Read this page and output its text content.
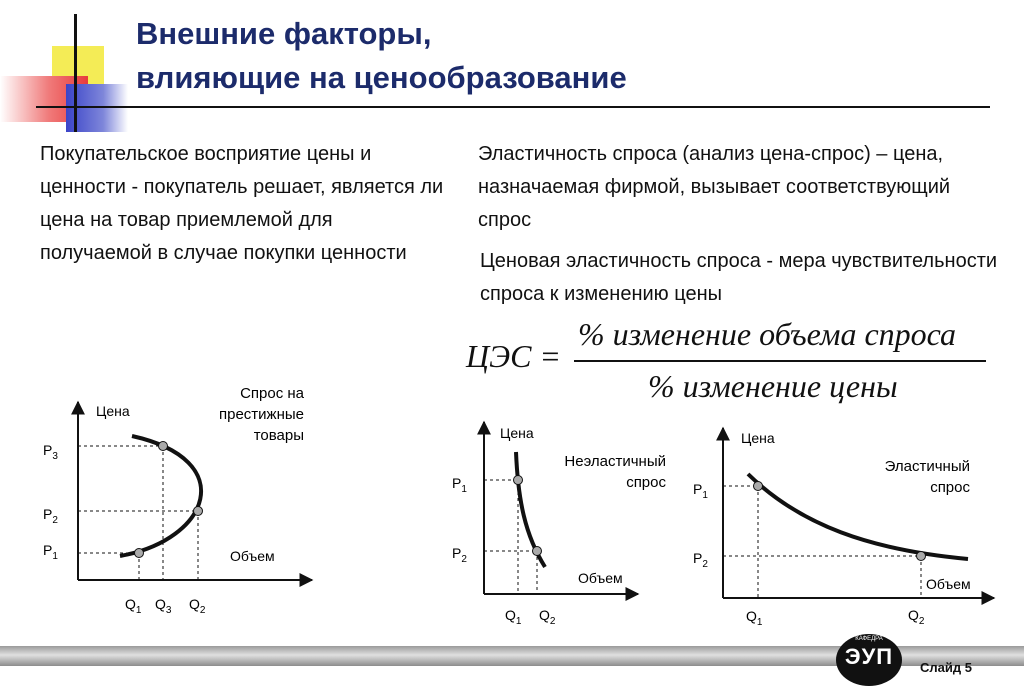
Внешние факторы,
влияющие на ценообразование
Покупательское восприятие цены и ценности - покупатель решает, является ли цена на товар приемлемой для получаемой в случае покупки ценности
Эластичность спроса (анализ цена-спрос) – цена, назначаемая фирмой, вызывает соответствующий спрос
Ценовая эластичность спроса - мера чувствительности спроса к изменению цены
ЦЭС =
% изменение объема спроса
% изменение цены
Цена
Объем
Спрос на
престижные
товары
$P_3$
$P_2$
$P_1$
$Q_1$ $Q_3$ $Q_2$
Цена
Объем
Неэластичный
спрос
$P_1$
$P_2$
$Q_1$ $Q_2$
Цена
Объем
Эластичный
спрос
$P_1$
$P_2$
$Q_1$	$Q_2$
КАФЕДРА
ЭУП	Слайд 5
